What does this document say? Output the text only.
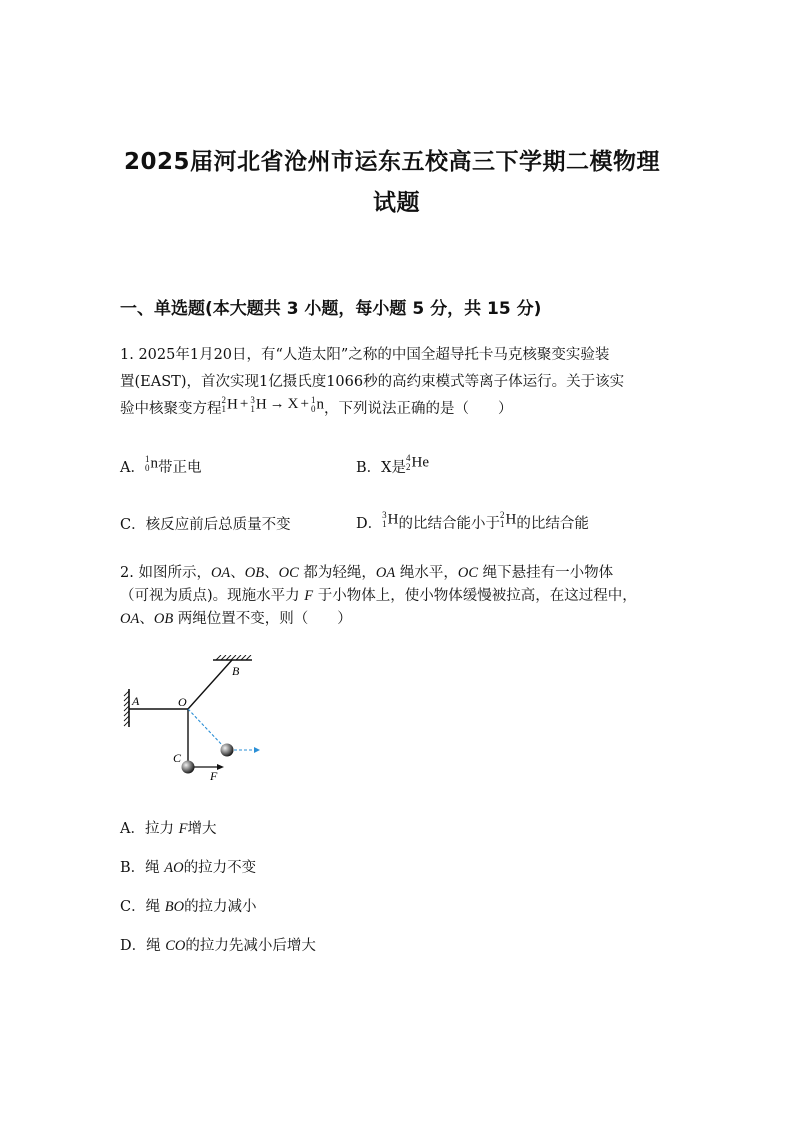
2025届河北省沧州市运东五校高三下学期二模物理
试题
一、单选题(本大题共 3 小题，每小题 5 分，共 15 分)
1. 2025年1月20日，有“人造太阳”之称的中国全超导托卡马克核聚变实验装
置(EAST)，首次实现1亿摄氏度1066秒的高约束模式等离子体运行。关于该实
验中核聚变方程
2
1 H + 3
1 H → X + 1
0 n ，下列说法正确的是（　　）
A．
1
0 n 带正电	B．X是
4
2 He
C．核反应前后总质量不变	D．
3
1 H 的比结合能小于
2
1 H 的比结合能
2. 如图所示，OA、OB、OC 都为轻绳，OA 绳水平，OC 绳下悬挂有一小物体
（可视为质点)。现施水平力 F 于小物体上，使小物体缓慢被拉高，在这过程中，
OA、OB 两绳位置不变，则（　　）
A
B
O
C
F
A．拉力 F增大
B．绳 AO的拉力不变
C．绳 BO的拉力减小
D．绳 CO的拉力先减小后增大
